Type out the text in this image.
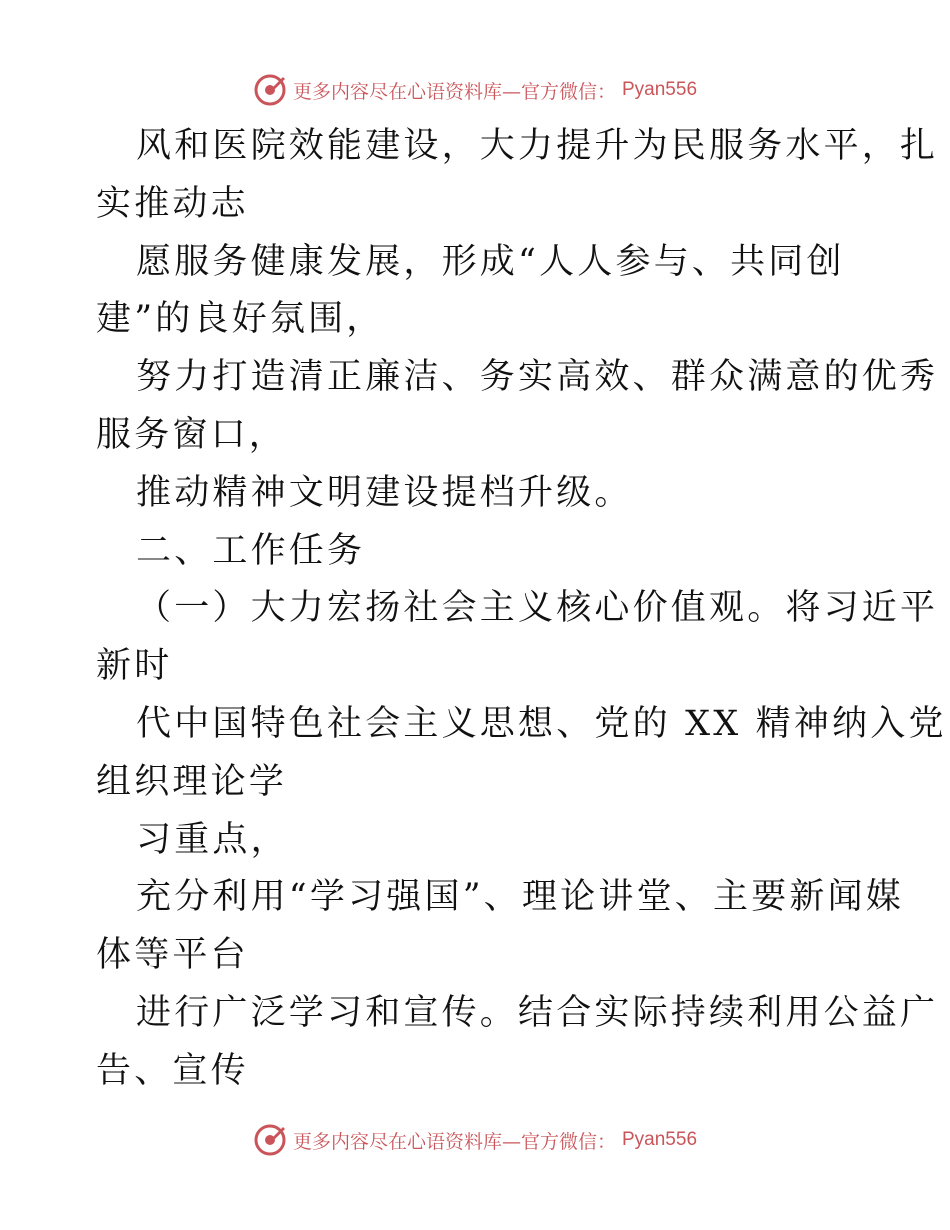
更多内容尽在心语资料库—官方微信： Pyan556
风和医院效能建设，大力提升为民服务水平，扎
实推动志
愿服务健康发展，形成“人人参与、共同创
建”的良好氛围，
努力打造清正廉洁、务实高效、群众满意的优秀
服务窗口，
推动精神文明建设提档升级。
二、工作任务
（一）大力宏扬社会主义核心价值观。将习近平
新时
代中国特色社会主义思想、党的 XX 精神纳入党
组织理论学
习重点，
充分利用“学习强国”、理论讲堂、主要新闻媒
体等平台
进行广泛学习和宣传。结合实际持续利用公益广
告、宣传
更多内容尽在心语资料库—官方微信： Pyan556
